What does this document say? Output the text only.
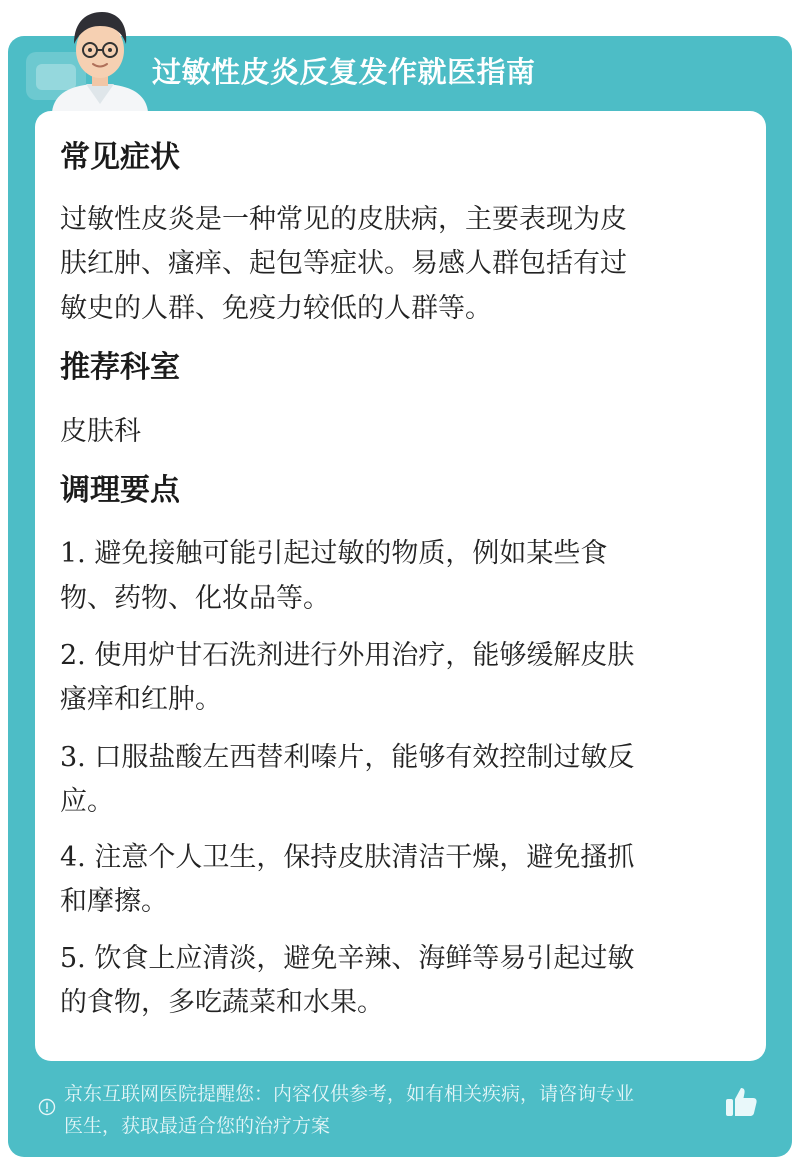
过敏性皮炎反复发作就医指南
常见症状
过敏性皮炎是一种常见的皮肤病，主要表现为皮
肤红肿、瘙痒、起包等症状。易感人群包括有过
敏史的人群、免疫力较低的人群等。
推荐科室
皮肤科
调理要点
1. 避免接触可能引起过敏的物质，例如某些食
物、药物、化妆品等。
2. 使用炉甘石洗剂进行外用治疗，能够缓解皮肤
瘙痒和红肿。
3. 口服盐酸左西替利嗪片，能够有效控制过敏反
应。
4. 注意个人卫生，保持皮肤清洁干燥，避免搔抓
和摩擦。
5. 饮食上应清淡，避免辛辣、海鲜等易引起过敏
的食物，多吃蔬菜和水果。
京东互联网医院提醒您：内容仅供参考，如有相关疾病，请咨询专业
医生，获取最适合您的治疗方案
